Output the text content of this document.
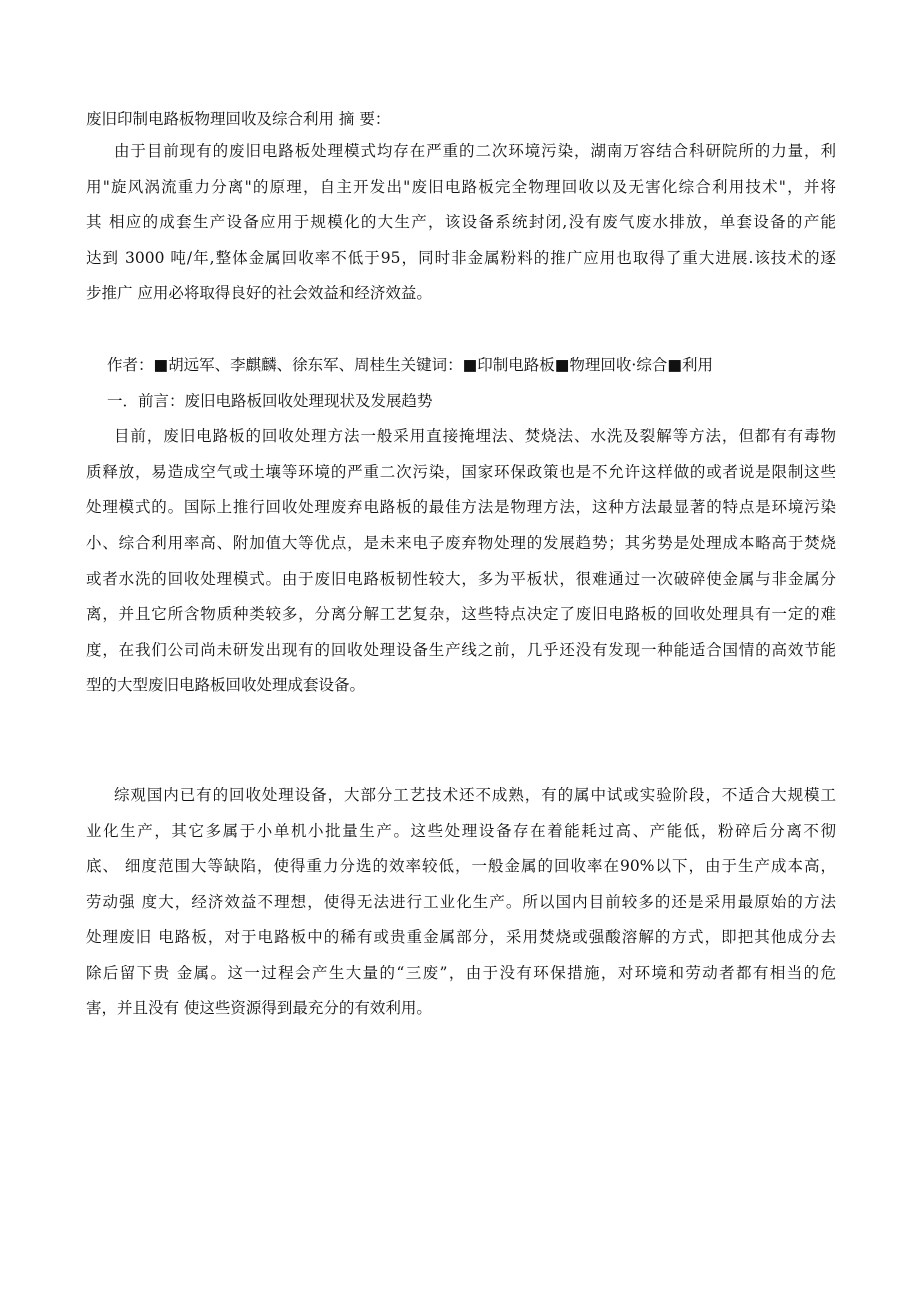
废旧印制电路板物理回收及综合利用 摘 要：
由于目前现有的废旧电路板处理模式均存在严重的二次环境污染，湖南万容结合科研院所的力量，利
用"旋风涡流重力分离"的原理，自主开发出"废旧电路板完全物理回收以及无害化综合利用技术"，并将
其 相应的成套生产设备应用于规模化的大生产，该设备系统封闭,没有废气废水排放，单套设备的产能
达到 3000 吨/年,整体金属回收率不低于95，同时非金属粉料的推广应用也取得了重大进展.该技术的逐
步推广 应用必将取得良好的社会效益和经济效益。
作者：■胡远军、李麒麟、徐东军、周桂生关键词：■印制电路板■物理回收·综合■利用
一．前言：废旧电路板回收处理现状及发展趋势
目前，废旧电路板的回收处理方法一般采用直接掩埋法、焚烧法、水洗及裂解等方法，但都有有毒物
质释放，易造成空气或土壤等环境的严重二次污染，国家环保政策也是不允许这样做的或者说是限制这些
处理模式的。国际上推行回收处理废弃电路板的最佳方法是物理方法，这种方法最显著的特点是环境污染
小、综合利用率高、附加值大等优点，是未来电子废弃物处理的发展趋势；其劣势是处理成本略高于焚烧
或者水洗的回收处理模式。由于废旧电路板韧性较大，多为平板状，很难通过一次破碎使金属与非金属分
离，并且它所含物质种类较多，分离分解工艺复杂，这些特点决定了废旧电路板的回收处理具有一定的难
度，在我们公司尚未研发出现有的回收处理设备生产线之前，几乎还没有发现一种能适合国情的高效节能
型的大型废旧电路板回收处理成套设备。
综观国内已有的回收处理设备，大部分工艺技术还不成熟，有的属中试或实验阶段，不适合大规模工
业化生产，其它多属于小单机小批量生产。这些处理设备存在着能耗过高、产能低，粉碎后分离不彻
底、 细度范围大等缺陷，使得重力分选的效率较低，一般金属的回收率在90%以下，由于生产成本高，
劳动强 度大，经济效益不理想，使得无法进行工业化生产。所以国内目前较多的还是采用最原始的方法
处理废旧 电路板，对于电路板中的稀有或贵重金属部分，采用焚烧或强酸溶解的方式，即把其他成分去
除后留下贵 金属。这一过程会产生大量的“三废”，由于没有环保措施，对环境和劳动者都有相当的危
害，并且没有 使这些资源得到最充分的有效利用。
